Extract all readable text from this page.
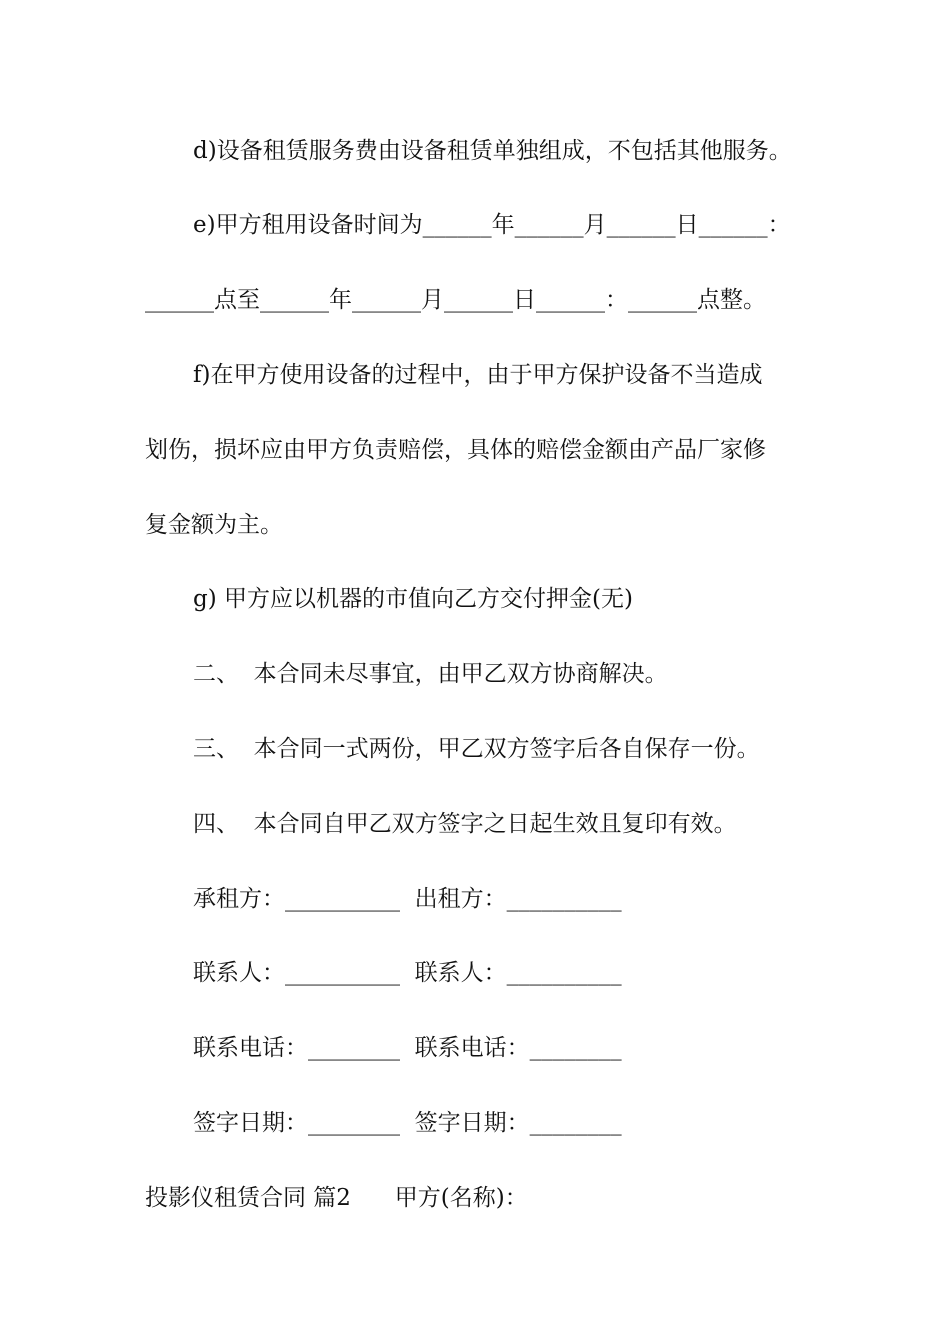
d)设备租赁服务费由设备租赁单独组成，不包括其他服务。
e)甲方租用设备时间为______年______月______日______：
______点至______年______月______日______：______点整。
f)在甲方使用设备的过程中，由于甲方保护设备不当造成
划伤，损坏应由甲方负责赔偿，具体的赔偿金额由产品厂家修
复金额为主。
g) 甲方应以机器的市值向乙方交付押金(无)
二、  本合同未尽事宜，由甲乙双方协商解决。
三、  本合同一式两份，甲乙双方签字后各自保存一份。
四、  本合同自甲乙双方签字之日起生效且复印有效。
承租方：__________  出租方：__________
联系人：__________  联系人：__________
联系电话：________  联系电话：________
签字日期：________  签字日期：________
投影仪租赁合同 篇2      甲方(名称)：
